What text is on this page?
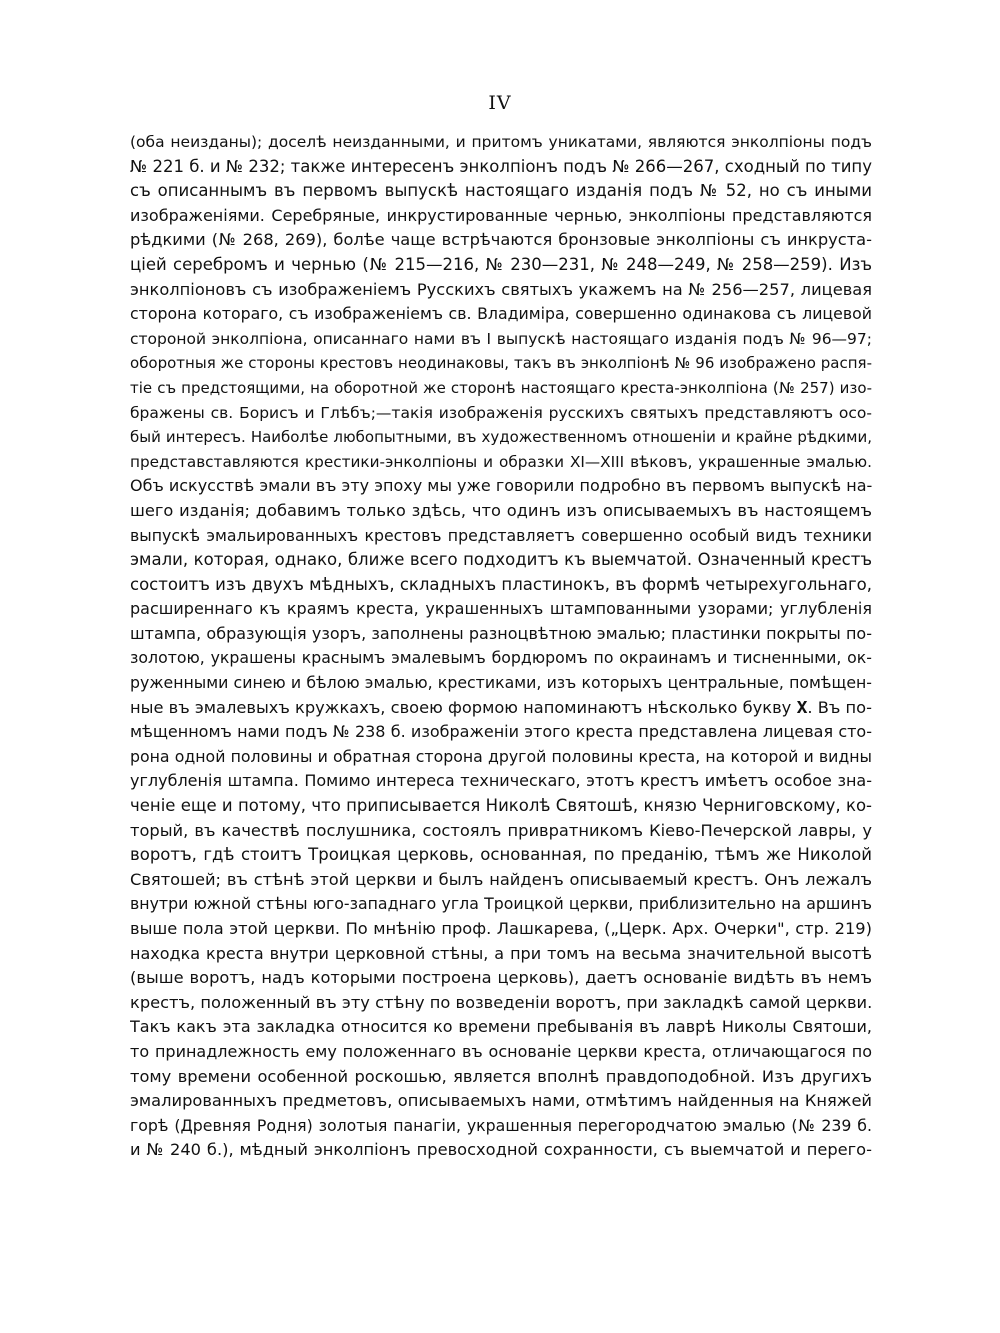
IV
(оба неизданы); доселѣ неизданными, и притомъ уникатами, являются энколпіоны подъ
№ 221 б. и № 232; также интересенъ энколпіонъ подъ № 266—267, сходный по типу
съ описаннымъ въ первомъ выпускѣ настоящаго изданія подъ № 52, но съ иными
изображеніями. Серебряные, инкрустированные чернью, энколпіоны представляются
рѣдкими (№ 268, 269), болѣе чаще встрѣчаются бронзовые энколпіоны съ инкруста-
ціей серебромъ и чернью (№ 215—216, № 230—231, № 248—249, № 258—259). Изъ
энколпіоновъ съ изображеніемъ Русскихъ святыхъ укажемъ на № 256—257, лицевая
сторона котораго, съ изображеніемъ св. Владиміра, совершенно одинакова съ лицевой
стороной энколпіона, описаннаго нами въ I выпускѣ настоящаго изданія подъ № 96—97;
оборотныя же стороны крестовъ неодинаковы, такъ въ энколпіонѣ № 96 изображено распя-
тіе съ предстоящими, на оборотной же сторонѣ настоящаго креста-энколпіона (№ 257) изо-
бражены св. Борисъ и Глѣбъ;—такія изображенія русскихъ святыхъ представляютъ осо-
бый интересъ. Наиболѣе любопытными, въ художественномъ отношеніи и крайне рѣдкими,
представставляются крестики-энколпіоны и образки XI—XIII вѣковъ, украшенные эмалью.
Объ искусствѣ эмали въ эту эпоху мы уже говорили подробно въ первомъ выпускѣ на-
шего изданія; добавимъ только здѣсь, что одинъ изъ описываемыхъ въ настоящемъ
выпускѣ эмальированныхъ крестовъ представляетъ совершенно особый видъ техники
эмали, которая, однако, ближе всего подходитъ къ выемчатой. Означенный крестъ
состоитъ изъ двухъ мѣдныхъ, складныхъ пластинокъ, въ формѣ четырехугольнаго,
расширеннаго къ краямъ креста, украшенныхъ штампованными узорами; углубленія
штампа, образующія узоръ, заполнены разноцвѣтною эмалью; пластинки покрыты по-
золотою, украшены краснымъ эмалевымъ бордюромъ по окраинамъ и тисненными, ок-
руженными синею и бѣлою эмалью, крестиками, изъ которыхъ центральные, помѣщен-
ные въ эмалевыхъ кружкахъ, своею формою напоминаютъ нѣсколько букву 𝐗. Въ по-
мѣщенномъ нами подъ № 238 б. изображеніи этого креста представлена лицевая сто-
рона одной половины и обратная сторона другой половины креста, на которой и видны
углубленія штампа. Помимо интереса техническаго, этотъ крестъ имѣетъ особое зна-
ченіе еще и потому, что приписывается Николѣ Святошѣ, князю Черниговскому, ко-
торый, въ качествѣ послушника, состоялъ привратникомъ Кіево-Печерской лавры, у
воротъ, гдѣ стоитъ Троицкая церковь, основанная, по преданію, тѣмъ же Николой
Святошей; въ стѣнѣ этой церкви и былъ найденъ описываемый крестъ. Онъ лежалъ
внутри южной стѣны юго-западнаго угла Троицкой церкви, приблизительно на аршинъ
выше пола этой церкви. По мнѣнію проф. Лашкарева, („Церк. Арх. Очерки", стр. 219)
находка креста внутри церковной стѣны, а при томъ на весьма значительной высотѣ
(выше воротъ, надъ которыми построена церковь), даетъ основаніе видѣть въ немъ
крестъ, положенный въ эту стѣну по возведеніи воротъ, при закладкѣ самой церкви.
Такъ какъ эта закладка относится ко времени пребыванія въ лаврѣ Николы Святоши,
то принадлежность ему положеннаго въ основаніе церкви креста, отличающагося по
тому времени особенной роскошью, является вполнѣ правдоподобной. Изъ другихъ
эмалированныхъ предметовъ, описываемыхъ нами, отмѣтимъ найденныя на Княжей
горѣ (Древняя Родня) золотыя панагіи, украшенныя перегородчатою эмалью (№ 239 б.
и № 240 б.), мѣдный энколпіонъ превосходной сохранности, съ выемчатой и перего-
